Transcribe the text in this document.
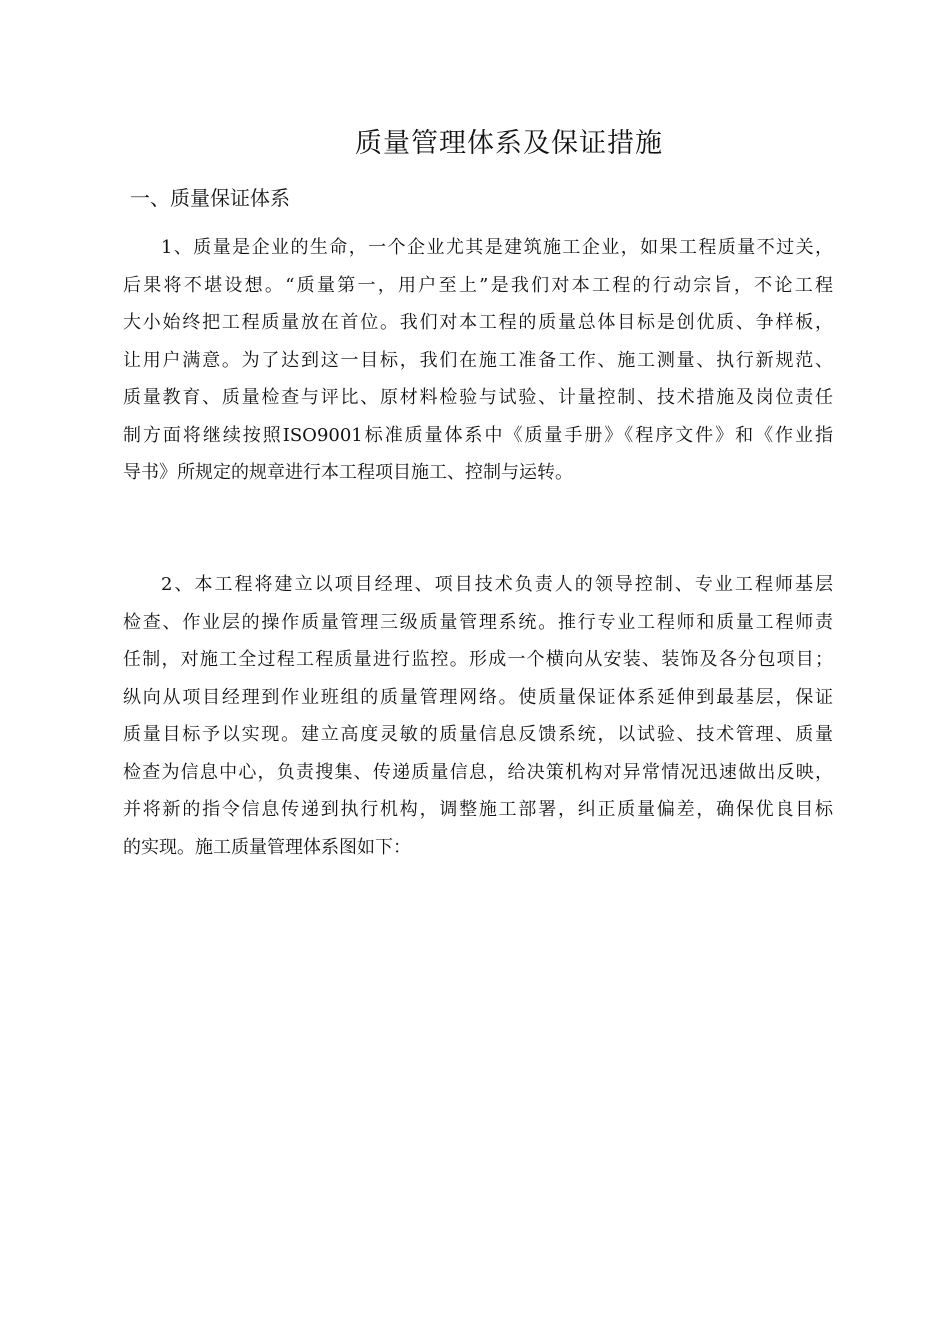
质量管理体系及保证措施
一、质量保证体系
1、质量是企业的生命，一个企业尤其是建筑施工企业，如果工程质量不过关，
后果将不堪设想。“质量第一，用户至上”是我们对本工程的行动宗旨，不论工程
大小始终把工程质量放在首位。我们对本工程的质量总体目标是创优质、争样板，
让用户满意。为了达到这一目标，我们在施工准备工作、施工测量、执行新规范、
质量教育、质量检查与评比、原材料检验与试验、计量控制、技术措施及岗位责任
制方面将继续按照ISO9001标准质量体系中《质量手册》《程序文件》和《作业指
导书》所规定的规章进行本工程项目施工、控制与运转。
2、本工程将建立以项目经理、项目技术负责人的领导控制、专业工程师基层
检查、作业层的操作质量管理三级质量管理系统。推行专业工程师和质量工程师责
任制，对施工全过程工程质量进行监控。形成一个横向从安装、装饰及各分包项目；
纵向从项目经理到作业班组的质量管理网络。使质量保证体系延伸到最基层，保证
质量目标予以实现。建立高度灵敏的质量信息反馈系统，以试验、技术管理、质量
检查为信息中心，负责搜集、传递质量信息，给决策机构对异常情况迅速做出反映，
并将新的指令信息传递到执行机构，调整施工部署，纠正质量偏差，确保优良目标
的实现。施工质量管理体系图如下：
